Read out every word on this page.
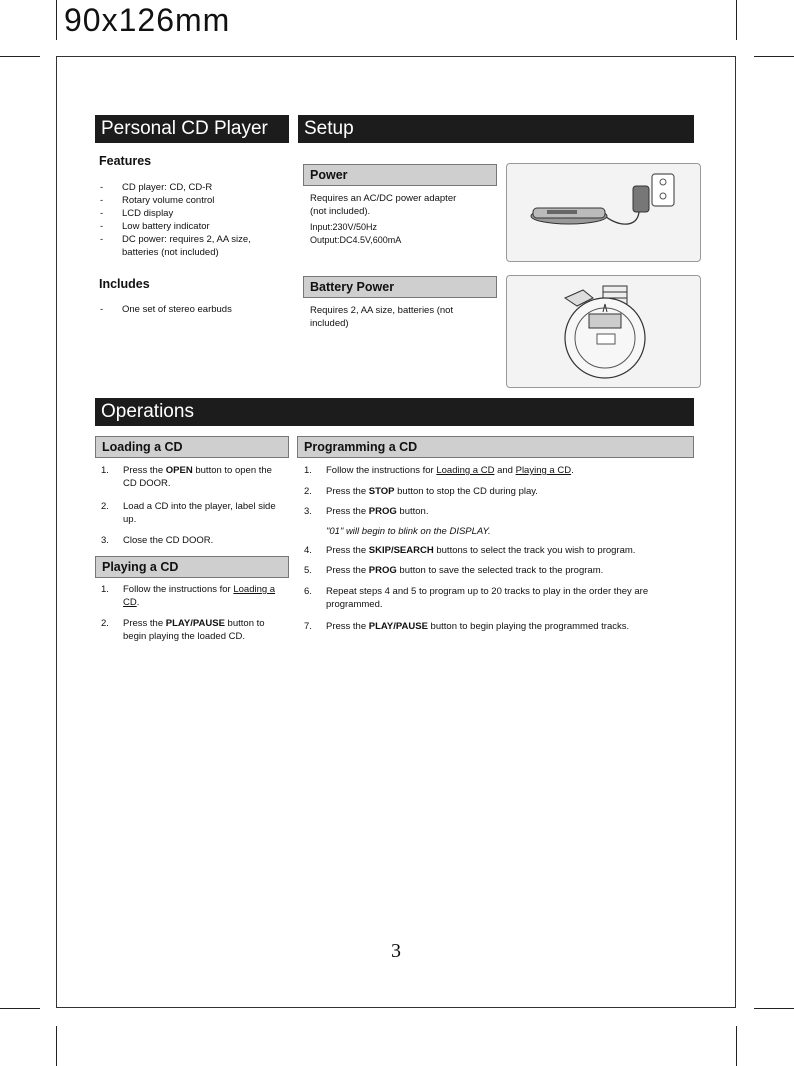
90x126mm
Personal CD Player
Features
- CD player: CD, CD-R
- Rotary volume control
- LCD display
- Low battery indicator
- DC power: requires 2, AA size, batteries (not included)
Includes
- One set of stereo earbuds
Setup
Power
Requires an AC/DC power adapter
(not included).
Input:230V/50Hz
Output:DC4.5V,600mA
Battery Power
Requires 2, AA size, batteries (not
included)
Operations
Loading a CD
1. Press the OPEN button to open the CD DOOR.
2. Load a CD into the player, label side up.
3. Close the CD DOOR.
Playing a CD
1. Follow the instructions for Loading a CD.
2. Press the PLAY/PAUSE button to begin playing the loaded CD.
Programming a CD
1. Follow the instructions for Loading a CD and Playing a CD.
2. Press the STOP button to stop the CD during play.
3. Press the PROG button.
"01" will begin to blink on the DISPLAY.
4. Press the SKIP/SEARCH buttons to select the track you wish to program.
5. Press the PROG button to save the selected track to the program.
6. Repeat steps 4 and 5 to program up to 20 tracks to play in the order they are programmed.
7. Press the PLAY/PAUSE button to begin playing the programmed tracks.
3
